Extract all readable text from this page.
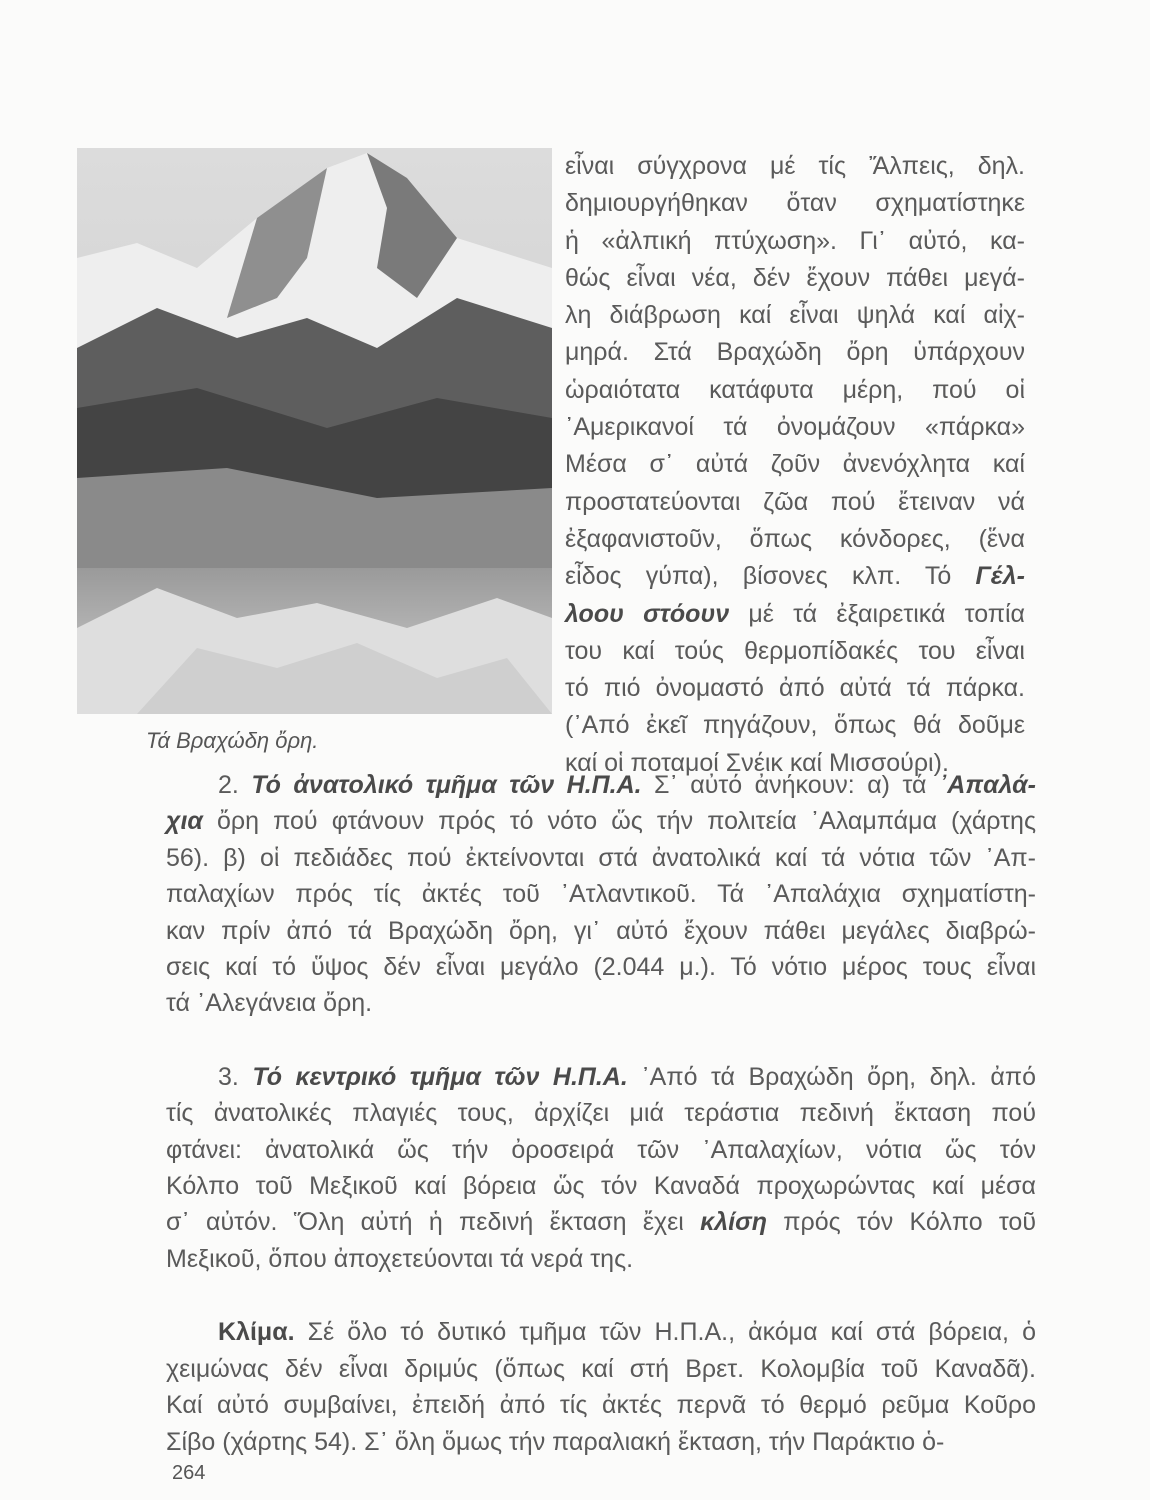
Τά Βραχώδη ὄρη.
εἶναι σύγχρονα μέ τίς Ἄλπεις, δηλ.
δημιουργήθηκαν ὅταν σχηματίστηκε
ἡ «ἀλπική πτύχωση». Γι᾿ αὐτό, κα-
θώς εἶναι νέα, δέν ἔχουν πάθει μεγά-
λη διάβρωση καί εἶναι ψηλά καί αἰχ-
μηρά. Στά Βραχώδη ὄρη ὑπάρχουν
ὡραιότατα κατάφυτα μέρη, πού οἱ
᾿Αμερικανοί τά ὀνομάζουν «πάρκα»
Μέσα σ᾿ αὐτά ζοῦν ἀνενόχλητα καί
προστατεύονται ζῶα πού ἔτειναν νά
ἐξαφανιστοῦν, ὅπως κόνδορες, (ἕνα
εἶδος γύπα), βίσονες κλπ. Τό Γέλ-
λοου στόουν μέ τά ἐξαιρετικά τοπία
του καί τούς θερμοπίδακές του εἶναι
τό πιό ὀνομαστό ἀπό αὐτά τά πάρκα.
(᾿Από ἐκεῖ πηγάζουν, ὅπως θά δοῦμε
καί οἱ ποταμοί Σνέικ καί Μισσούρι).
2. Τό ἀνατολικό τμῆμα τῶν Η.Π.Α. Σ᾿ αὐτό ἀνήκουν: α) τά ᾿Απαλά-
χια ὄρη πού φτάνουν πρός τό νότο ὥς τήν πολιτεία ᾿Αλαμπάμα (χάρτης
56). β) οἱ πεδιάδες πού ἐκτείνονται στά ἀνατολικά καί τά νότια τῶν ᾿Απ-
παλαχίων πρός τίς ἀκτές τοῦ ᾿Ατλαντικοῦ. Τά ᾿Απαλάχια σχηματίστη-
καν πρίν ἀπό τά Βραχώδη ὄρη, γι᾿ αὐτό ἔχουν πάθει μεγάλες διαβρώ-
σεις καί τό ὕψος δέν εἶναι μεγάλο (2.044 μ.). Τό νότιο μέρος τους εἶναι
τά ᾿Αλεγάνεια ὄρη.
3. Τό κεντρικό τμῆμα τῶν Η.Π.Α. ᾿Από τά Βραχώδη ὄρη, δηλ. ἀπό
τίς ἀνατολικές πλαγιές τους, ἀρχίζει μιά τεράστια πεδινή ἔκταση πού
φτάνει: ἀνατολικά ὥς τήν ὀροσειρά τῶν ᾿Απαλαχίων, νότια ὥς τόν
Κόλπο τοῦ Μεξικοῦ καί βόρεια ὥς τόν Καναδά προχωρώντας καί μέσα
σ᾿ αὐτόν. Ὅλη αὐτή ἡ πεδινή ἔκταση ἔχει κλίση πρός τόν Κόλπο τοῦ
Μεξικοῦ, ὅπου ἀποχετεύονται τά νερά της.
Κλίμα. Σέ ὅλο τό δυτικό τμῆμα τῶν Η.Π.Α., ἀκόμα καί στά βόρεια, ὁ
χειμώνας δέν εἶναι δριμύς (ὅπως καί στή Βρετ. Κολομβία τοῦ Καναδᾶ).
Καί αὐτό συμβαίνει, ἐπειδή ἀπό τίς ἀκτές περνᾶ τό θερμό ρεῦμα Κοῦρο
Σίβο (χάρτης 54). Σ᾿ ὅλη ὅμως τήν παραλιακή ἔκταση, τήν Παράκτιο ὁ-
264
